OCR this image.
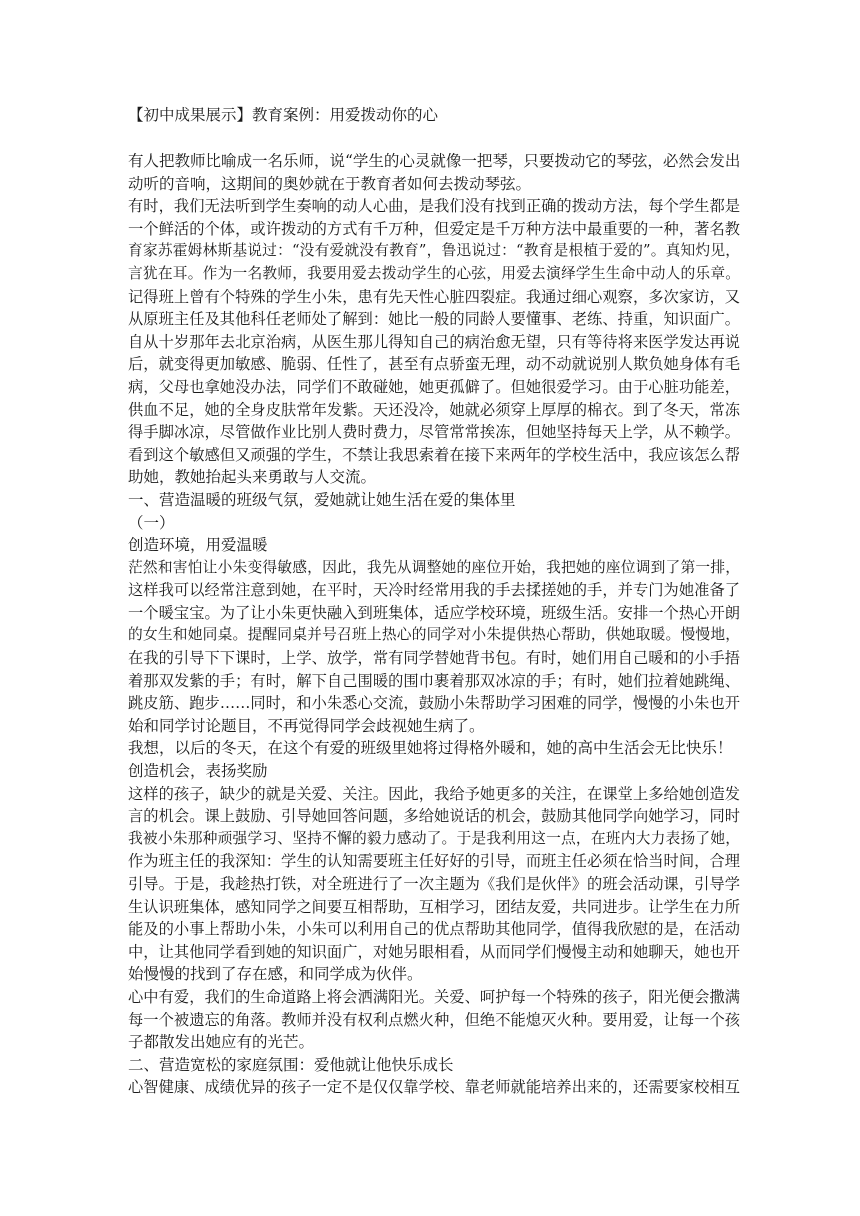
【初中成果展示】教育案例：用爱拨动你的心
有人把教师比喻成一名乐师，说“学生的心灵就像一把琴，只要拨动它的琴弦，必然会发出
动听的音响，这期间的奥妙就在于教育者如何去拨动琴弦。
有时，我们无法听到学生奏响的动人心曲，是我们没有找到正确的拨动方法，每个学生都是
一个鲜活的个体，或许拨动的方式有千万种，但爱定是千万种方法中最重要的一种，著名教
育家苏霍姆林斯基说过：“没有爱就没有教育”，鲁迅说过：“教育是根植于爱的”。真知灼见，
言犹在耳。作为一名教师，我要用爱去拨动学生的心弦，用爱去演绎学生生命中动人的乐章。
记得班上曾有个特殊的学生小朱，患有先天性心脏四裂症。我通过细心观察，多次家访，又
从原班主任及其他科任老师处了解到：她比一般的同龄人要懂事、老练、持重，知识面广。
自从十岁那年去北京治病，从医生那儿得知自己的病治愈无望，只有等待将来医学发达再说
后，就变得更加敏感、脆弱、任性了，甚至有点骄蛮无理，动不动就说别人欺负她身体有毛
病，父母也拿她没办法，同学们不敢碰她，她更孤僻了。但她很爱学习。由于心脏功能差，
供血不足，她的全身皮肤常年发紫。天还没冷，她就必须穿上厚厚的棉衣。到了冬天，常冻
得手脚冰凉，尽管做作业比别人费时费力，尽管常常挨冻，但她坚持每天上学，从不赖学。
看到这个敏感但又顽强的学生，不禁让我思索着在接下来两年的学校生活中，我应该怎么帮
助她，教她抬起头来勇敢与人交流。
一、营造温暖的班级气氛，爱她就让她生活在爱的集体里
（一）
创造环境，用爱温暖
茫然和害怕让小朱变得敏感，因此，我先从调整她的座位开始，我把她的座位调到了第一排，
这样我可以经常注意到她，在平时，天冷时经常用我的手去揉搓她的手，并专门为她准备了
一个暖宝宝。为了让小朱更快融入到班集体，适应学校环境，班级生活。安排一个热心开朗
的女生和她同桌。提醒同桌并号召班上热心的同学对小朱提供热心帮助，供她取暖。慢慢地，
在我的引导下下课时，上学、放学，常有同学替她背书包。有时，她们用自己暖和的小手捂
着那双发紫的手；有时，解下自己围暖的围巾裹着那双冰凉的手；有时，她们拉着她跳绳、
跳皮筋、跑步……同时，和小朱悉心交流，鼓励小朱帮助学习困难的同学，慢慢的小朱也开
始和同学讨论题目，不再觉得同学会歧视她生病了。
我想，以后的冬天，在这个有爱的班级里她将过得格外暖和，她的高中生活会无比快乐！
创造机会，表扬奖励
这样的孩子，缺少的就是关爱、关注。因此，我给予她更多的关注，在课堂上多给她创造发
言的机会。课上鼓励、引导她回答问题，多给她说话的机会，鼓励其他同学向她学习，同时
我被小朱那种顽强学习、坚持不懈的毅力感动了。于是我利用这一点，在班内大力表扬了她，
作为班主任的我深知：学生的认知需要班主任好好的引导，而班主任必须在恰当时间，合理
引导。于是，我趁热打铁，对全班进行了一次主题为《我们是伙伴》的班会活动课，引导学
生认识班集体，感知同学之间要互相帮助，互相学习，团结友爱，共同进步。让学生在力所
能及的小事上帮助小朱，小朱可以利用自己的优点帮助其他同学，值得我欣慰的是，在活动
中，让其他同学看到她的知识面广，对她另眼相看，从而同学们慢慢主动和她聊天，她也开
始慢慢的找到了存在感，和同学成为伙伴。
心中有爱，我们的生命道路上将会洒满阳光。关爱、呵护每一个特殊的孩子，阳光便会撒满
每一个被遗忘的角落。教师并没有权利点燃火种，但绝不能熄灭火种。要用爱，让每一个孩
子都散发出她应有的光芒。
二、营造宽松的家庭氛围：爱他就让他快乐成长
心智健康、成绩优异的孩子一定不是仅仅靠学校、靠老师就能培养出来的，还需要家校相互
